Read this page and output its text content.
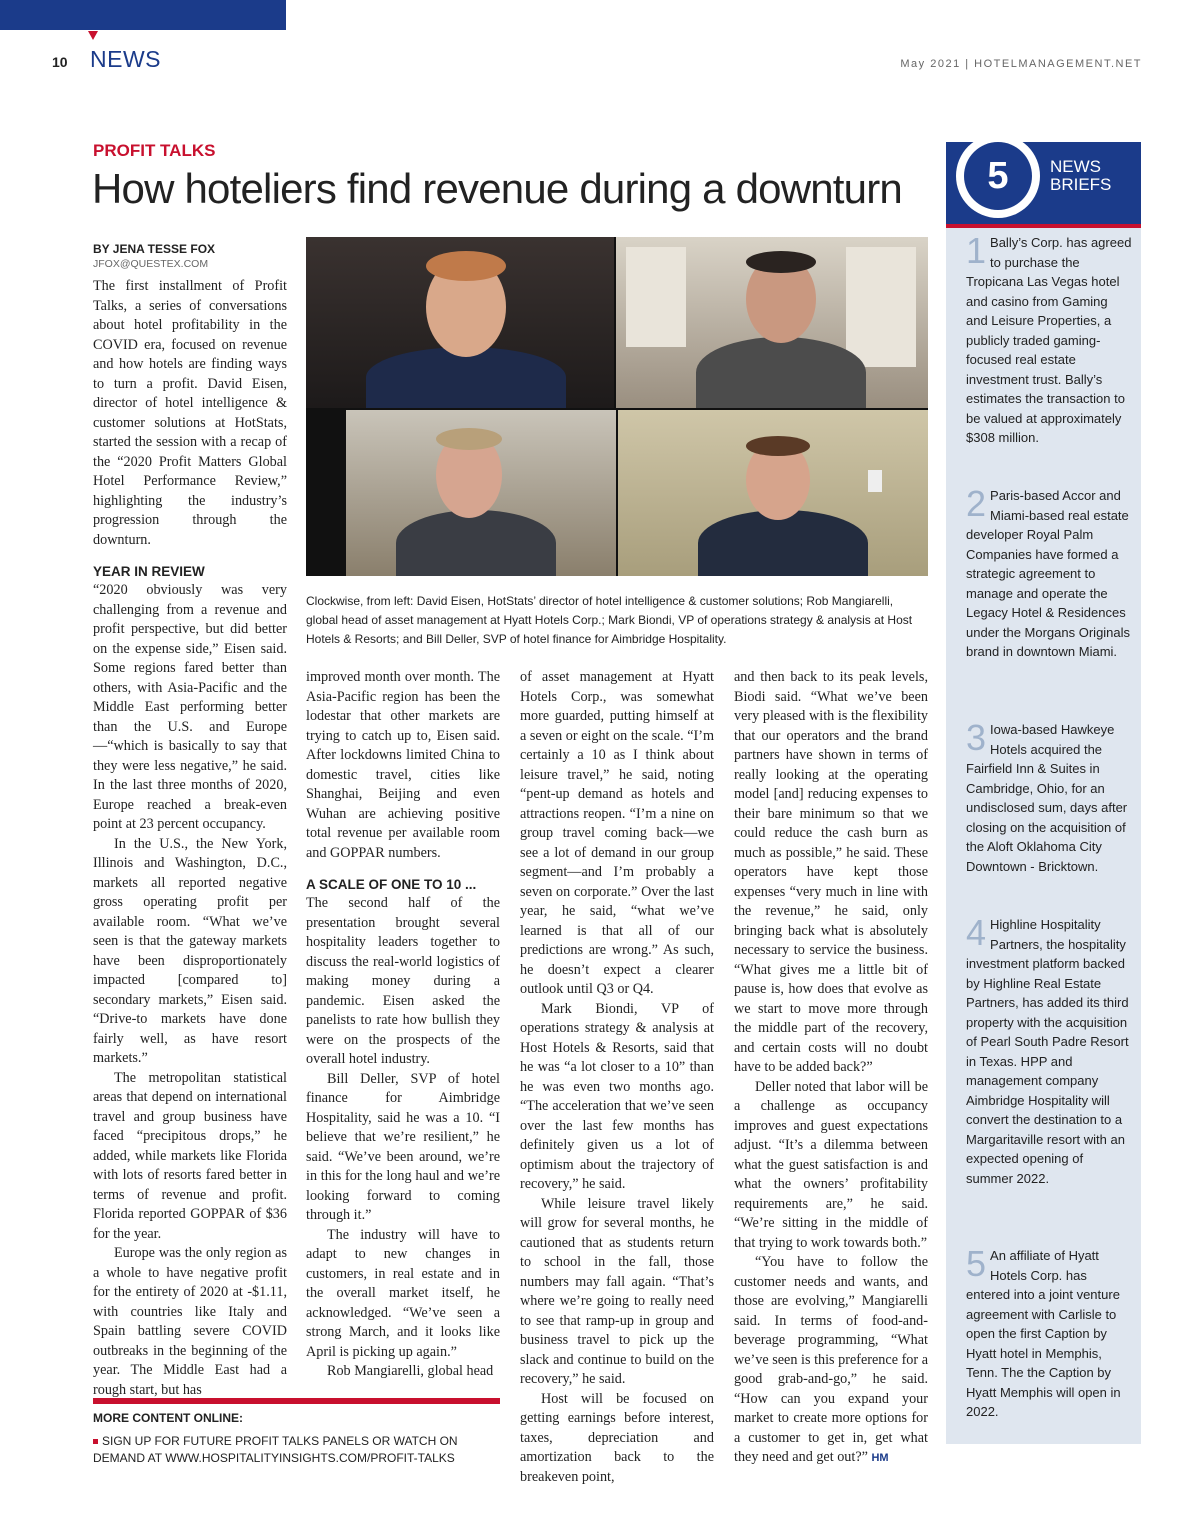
10 NEWS	May 2021 | HOTELMANAGEMENT.NET
PROFIT TALKS
How hoteliers find revenue during a downturn
BY JENA TESSE FOX
JFOX@QUESTEX.COM

The first installment of Profit Talks, a series of conversations about hotel profitability in the COVID era, focused on revenue and how hotels are finding ways to turn a profit. David Eisen, director of hotel intelligence & customer solutions at HotStats, started the session with a recap of the “2020 Profit Matters Global Hotel Performance Review,” highlighting the industry’s progression through the downturn.

YEAR IN REVIEW

“2020 obviously was very challenging from a revenue and profit perspective, but did better on the expense side,” Eisen said. Some regions fared better than others, with Asia-Pacific and the Middle East performing better than the U.S. and Europe—“which is basically to say that they were less negative,” he said. In the last three months of 2020, Europe reached a break-even point at 23 percent occupancy.

In the U.S., the New York, Illinois and Washington, D.C., markets all reported negative gross operating profit per available room. “What we’ve seen is that the gateway markets have been disproportionately impacted [compared to] secondary markets,” Eisen said. “Drive-to markets have done fairly well, as have resort markets.”

The metropolitan statistical areas that depend on international travel and group business have faced “precipitous drops,” he added, while markets like Florida with lots of resorts fared better in terms of revenue and profit. Florida reported GOPPAR of $36 for the year.

Europe was the only region as a whole to have negative profit for the entirety of 2020 at -$1.11, with countries like Italy and Spain battling severe COVID outbreaks in the beginning of the year. The Middle East had a rough start, but has

Clockwise, from left: David Eisen, HotStats’ director of hotel intelligence & customer solutions; Rob Mangiarelli, global head of asset management at Hyatt Hotels Corp.; Mark Biondi, VP of operations strategy & analysis at Host Hotels & Resorts; and Bill Deller, SVP of hotel finance for Aimbridge Hospitality.

improved month over month. The Asia-Pacific region has been the lodestar that other markets are trying to catch up to, Eisen said. After lockdowns limited China to domestic travel, cities like Shanghai, Beijing and even Wuhan are achieving positive total revenue per available room and GOPPAR numbers.

A SCALE OF ONE TO 10 ...

The second half of the presentation brought several hospitality leaders together to discuss the real-world logistics of making money during a pandemic. Eisen asked the panelists to rate how bullish they were on the prospects of the overall hotel industry.

Bill Deller, SVP of hotel finance for Aimbridge Hospitality, said he was a 10. “I believe that we’re resilient,” he said. “We’ve been around, we’re in this for the long haul and we’re looking forward to coming through it.”

The industry will have to adapt to new changes in customers, in real estate and in the overall market itself, he acknowledged. “We’ve seen a strong March, and it looks like April is picking up again.”

Rob Mangiarelli, global head

of asset management at Hyatt Hotels Corp., was somewhat more guarded, putting himself at a seven or eight on the scale. “I’m certainly a 10 as I think about leisure travel,” he said, noting “pent-up demand as hotels and attractions reopen. “I’m a nine on group travel coming back—we see a lot of demand in our group segment—and I’m probably a seven on corporate.” Over the last year, he said, “what we’ve learned is that all of our predictions are wrong.” As such, he doesn’t expect a clearer outlook until Q3 or Q4.

Mark Biondi, VP of operations strategy & analysis at Host Hotels & Resorts, said that he was “a lot closer to a 10” than he was even two months ago. “The acceleration that we’ve seen over the last few months has definitely given us a lot of optimism about the trajectory of recovery,” he said.

While leisure travel likely will grow for several months, he cautioned that as students return to school in the fall, those numbers may fall again. “That’s where we’re going to really need to see that ramp-up in group and business travel to pick up the slack and continue to build on the recovery,” he said.

Host will be focused on getting earnings before interest, taxes, depreciation and amortization back to the breakeven point,

and then back to its peak levels, Biodi said. “What we’ve been very pleased with is the flexibility that our operators and the brand partners have shown in terms of really looking at the operating model [and] reducing expenses to their bare minimum so that we could reduce the cash burn as much as possible,” he said. These operators have kept those expenses “very much in line with the revenue,” he said, only bringing back what is absolutely necessary to service the business. “What gives me a little bit of pause is, how does that evolve as we start to move more through the middle part of the recovery, and certain costs will no doubt have to be added back?”

Deller noted that labor will be a challenge as occupancy improves and guest expectations adjust. “It’s a dilemma between what the guest satisfaction is and what the owners’ profitability requirements are,” he said. “We’re sitting in the middle of that trying to work towards both.”

“You have to follow the customer needs and wants, and those are evolving,” Mangiarelli said. In terms of food-and-beverage programming, “What we’ve seen is this preference for a good grab-and-go,” he said. “How can you expand your market to create more options for a customer to get in, get what they need and get out?” HM

MORE CONTENT ONLINE:
SIGN UP FOR FUTURE PROFIT TALKS PANELS OR WATCH ON DEMAND AT WWW.HOSPITALITYINSIGHTS.COM/PROFIT-TALKS
5	NEWS
BRIEFS
1 Bally’s Corp. has agreed to purchase the Tropicana Las Vegas hotel and casino from Gaming and Leisure Properties, a publicly traded gaming-focused real estate investment trust. Bally’s estimates the transaction to be valued at approximately $308 million.
2 Paris-based Accor and Miami-based real estate developer Royal Palm Companies have formed a strategic agreement to manage and operate the Legacy Hotel & Residences under the Morgans Originals brand in downtown Miami.
3 Iowa-based Hawkeye Hotels acquired the Fairfield Inn & Suites in Cambridge, Ohio, for an undisclosed sum, days after closing on the acquisition of the Aloft Oklahoma City Downtown - Bricktown.
4 Highline Hospitality Partners, the hospitality investment platform backed by Highline Real Estate Partners, has added its third property with the acquisition of Pearl South Padre Resort in Texas. HPP and management company Aimbridge Hospitality will convert the destination to a Margaritaville resort with an expected opening of summer 2022.
5 An affiliate of Hyatt Hotels Corp. has entered into a joint venture agreement with Carlisle to open the first Caption by Hyatt hotel in Memphis, Tenn. The the Caption by Hyatt Memphis will open in 2022.
